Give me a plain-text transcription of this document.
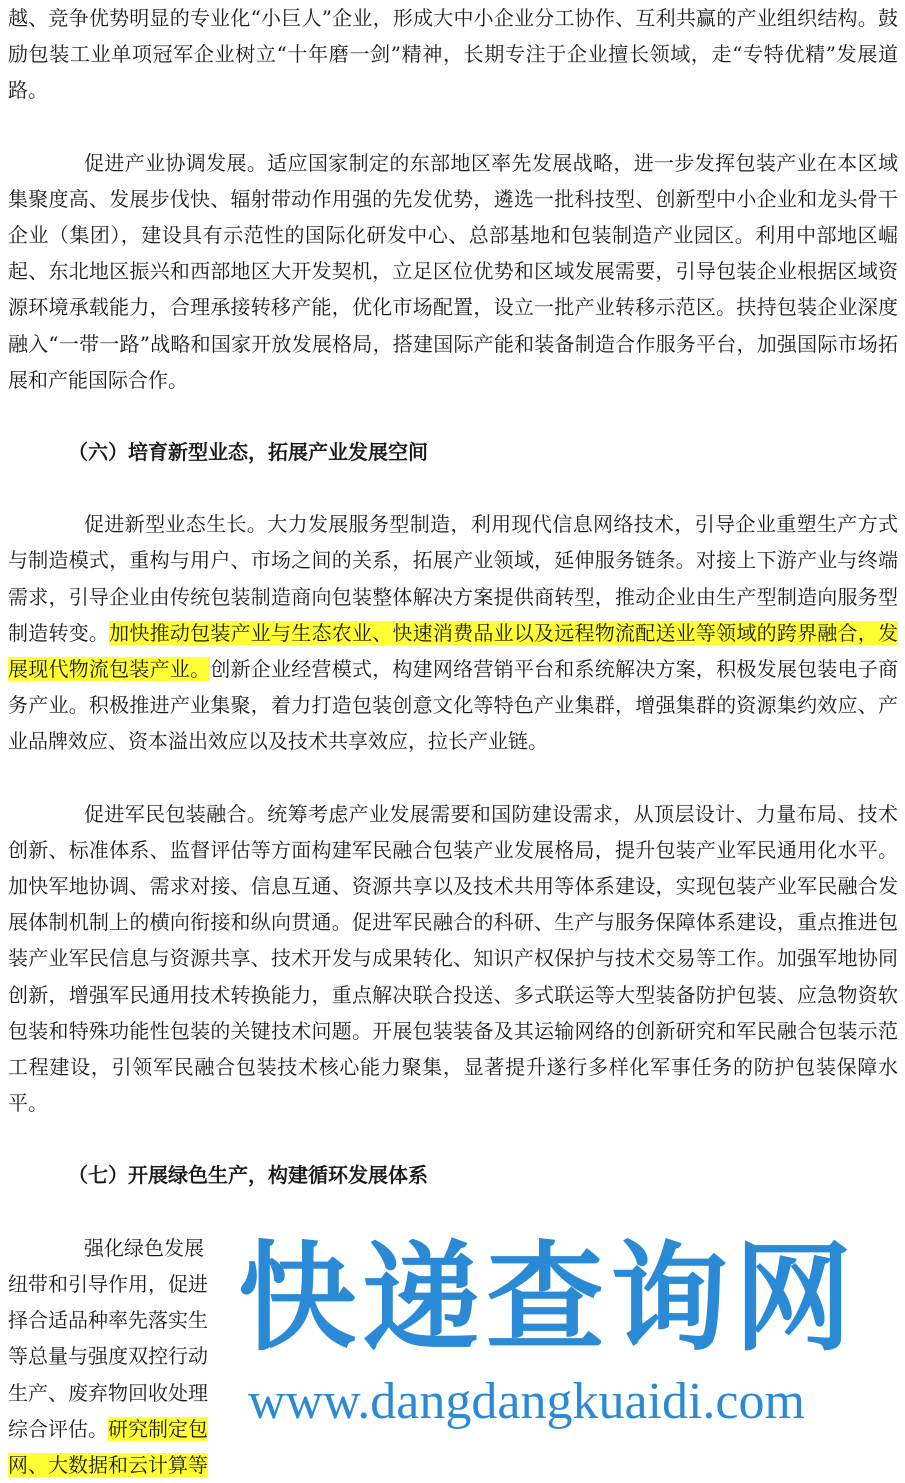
越、竞争优势明显的专业化“小巨人”企业，形成大中小企业分工协作、互利共赢的产业组织结构。鼓励包装工业单项冠军企业树立“十年磨一剑”精神，长期专注于企业擅长领域，走“专特优精”发展道路。

促进产业协调发展。适应国家制定的东部地区率先发展战略，进一步发挥包装产业在本区域集聚度高、发展步伐快、辐射带动作用强的先发优势，遴选一批科技型、创新型中小企业和龙头骨干企业（集团），建设具有示范性的国际化研发中心、总部基地和包装制造产业园区。利用中部地区崛起、东北地区振兴和西部地区大开发契机，立足区位优势和区域发展需要，引导包装企业根据区域资源环境承载能力，合理承接转移产能，优化市场配置，设立一批产业转移示范区。扶持包装企业深度融入“一带一路”战略和国家开放发展格局，搭建国际产能和装备制造合作服务平台，加强国际市场拓展和产能国际合作。

（六）培育新型业态，拓展产业发展空间

促进新型业态生长。大力发展服务型制造，利用现代信息网络技术，引导企业重塑生产方式与制造模式，重构与用户、市场之间的关系，拓展产业领域，延伸服务链条。对接上下游产业与终端需求，引导企业由传统包装制造商向包装整体解决方案提供商转型，推动企业由生产型制造向服务型制造转变。加快推动包装产业与生态农业、快速消费品业以及远程物流配送业等领域的跨界融合，发展现代物流包装产业。创新企业经营模式，构建网络营销平台和系统解决方案，积极发展包装电子商务产业。积极推进产业集聚，着力打造包装创意文化等特色产业集群，增强集群的资源集约效应、产业品牌效应、资本溢出效应以及技术共享效应，拉长产业链。

促进军民包装融合。统筹考虑产业发展需要和国防建设需求，从顶层设计、力量布局、技术创新、标准体系、监督评估等方面构建军民融合包装产业发展格局，提升包装产业军民通用化水平。加快军地协调、需求对接、信息互通、资源共享以及技术共用等体系建设，实现包装产业军民融合发展体制机制上的横向衔接和纵向贯通。促进军民融合的科研、生产与服务保障体系建设，重点推进包装产业军民信息与资源共享、技术开发与成果转化、知识产权保护与技术交易等工作。加强军地协同创新，增强军民通用技术转换能力，重点解决联合投送、多式联运等大型装备防护包装、应急物资软包装和特殊功能性包装的关键技术问题。开展包装装备及其运输网络的创新研究和军民融合包装示范工程建设，引领军民融合包装技术核心能力聚集，显著提升遂行多样化军事任务的防护包装保障水平。

（七）开展绿色生产，构建循环发展体系

强化绿色发展

纽带和引导作用，促进

择合适品种率先落实生

等总量与强度双控行动

生产、废弃物回收处理

综合评估。研究制定包

网、大数据和云计算等

快递查询网
www.dangdangkuaidi.com
